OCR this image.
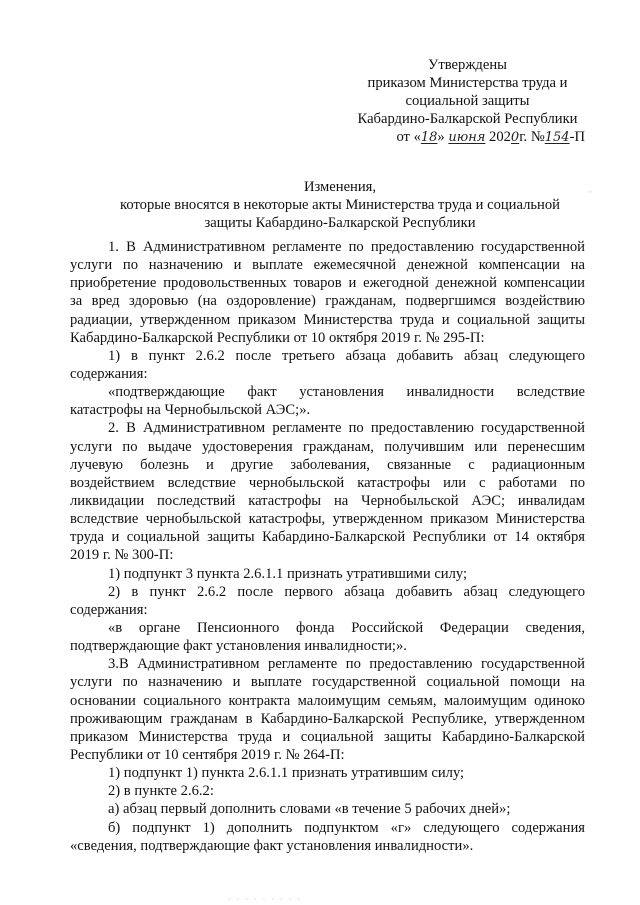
Утверждены
приказом Министерства труда и
социальной защиты
Кабардино-Балкарской Республики
от «18» июня 2020г. №154-П
·
Изменения,
которые вносятся в некоторые акты Министерства труда и социальной
защиты Кабардино-Балкарской Республики
1. В Административном регламенте по предоставлению государственной
услуги по назначению и выплате ежемесячной денежной компенсации на
приобретение продовольственных товаров и ежегодной денежной компенсации
за вред здоровью (на оздоровление) гражданам, подвергшимся воздействию
радиации, утвержденном приказом Министерства труда и социальной защиты
Кабардино-Балкарской Республики от 10 октября 2019 г. № 295-П:
1) в пункт 2.6.2 после третьего абзаца добавить абзац следующего
содержания:
«подтверждающие факт установления инвалидности вследствие
катастрофы на Чернобыльской АЭС;».
2. В Административном регламенте по предоставлению государственной
услуги по выдаче удостоверения гражданам, получившим или перенесшим
лучевую болезнь и другие заболевания, связанные с радиационным
воздействием вследствие чернобыльской катастрофы или с работами по
ликвидации последствий катастрофы на Чернобыльской АЭС; инвалидам
вследствие чернобыльской катастрофы, утвержденном приказом Министерства
труда и социальной защиты Кабардино-Балкарской Республики от 14 октября
2019 г. № 300-П:
1) подпункт 3 пункта 2.6.1.1 признать утратившими силу;
2) в пункт 2.6.2 после первого абзаца добавить абзац следующего
содержания:
«в органе Пенсионного фонда Российской Федерации сведения,
подтверждающие факт установления инвалидности;».
3.В Административном регламенте по предоставлению государственной
услуги по назначению и выплате государственной социальной помощи на
основании социального контракта малоимущим семьям, малоимущим одиноко
проживающим гражданам в Кабардино-Балкарской Республике, утвержденном
приказом Министерства труда и социальной защиты Кабардино-Балкарской
Республики от 10 сентября 2019 г. № 264-П:
1) подпункт 1) пункта 2.6.1.1 признать утратившим силу;
2) в пункте 2.6.2:
а) абзац первый дополнить словами «в течение 5 рабочих дней»;
б) подпункт 1) дополнить подпунктом «г» следующего содержания
«сведения, подтверждающие факт установления инвалидности».
· · · · · · · · ·
